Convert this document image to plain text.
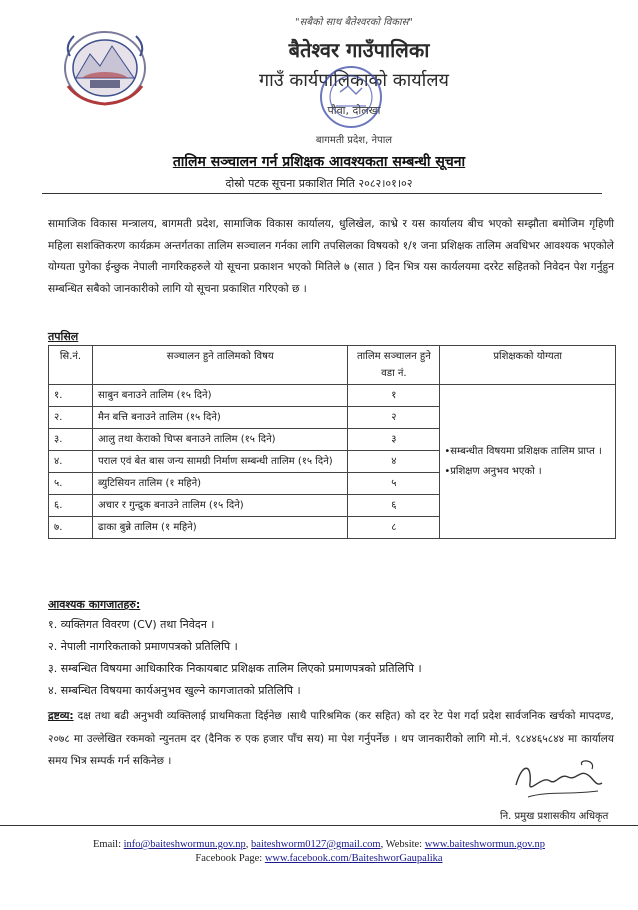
"सबैको साथ बैतेश्वरको विकास"
बैतेश्वर गाउँपालिका
गाउँ कार्यपालिकाको कार्यालय
पौवा, दोलखा
बागमती प्रदेश, नेपाल
तालिम सञ्चालन गर्न प्रशिक्षक आवश्यकता सम्बन्धी सूचना
दोस्रो पटक सूचना प्रकाशित मिति २०८२।०१।०२
सामाजिक विकास मन्त्रालय, बागमती प्रदेश, सामाजिक विकास कार्यालय, धुलिखेल, काभ्रे र यस कार्यालय बीच भएको सम्झौता बमोजिम गृहिणी महिला सशक्तिकरण कार्यक्रम अन्तर्गतका तालिम सञ्चालन गर्नका लागि तपसिलका विषयको १/१ जना प्रशिक्षक तालिम अवधिभर आवश्यक भएकोले योग्यता पुगेका ईन्छुक नेपाली नागरिकहरुले यो सूचना प्रकाशन भएको मितिले ७ (सात ) दिन भित्र यस कार्यलयमा दररेट सहितको निवेदन पेश गर्नुहुन सम्बन्धित सबैको जानकारीको लागि यो सूचना प्रकाशित गरिएको छ ।
तपसिल
सि.नं.	सञ्चालन हुने तालिमको विषय	तालिम सञ्चालन हुने वडा नं.	प्रशिक्षकको योग्यता
१.	साबुन बनाउने तालिम (१५ दिने)	१	•सम्बन्धीत विषयमा प्रशिक्षक तालिम प्राप्त ।
•प्रशिक्षण अनुभव भएको ।

२.	मैन बत्ति बनाउने तालिम (१५ दिने)	२	
३.	आलु तथा केराको चिप्स बनाउने तालिम (१५ दिने)	३	
४.	पराल एवं बेत बास जन्य सामग्री निर्माण सम्बन्धी तालिम (१५ दिने)	४	
५.	ब्युटिसियन तालिम (१ महिने)	५	
६.	अचार र गुन्द्रुक बनाउने तालिम (१५ दिने)	६	
७.	ढाका बुन्ने तालिम (१ महिने)	८	
आवश्यक कागजातहरु:
१. व्यक्तिगत विवरण (CV) तथा निवेदन ।
२. नेपाली नागरिकताको प्रमाणपत्रको प्रतिलिपि ।
३. सम्बन्धित विषयमा आधिकारिक निकायबाट प्रशिक्षक तालिम लिएको प्रमाणपत्रको प्रतिलिपि ।
४. सम्बन्धित विषयमा कार्यअनुभव खुल्ने कागजातको प्रतिलिपि ।
द्रष्टव्य: दक्ष तथा बढी अनुभवी व्यक्तिलाई प्राथमिकता दिईनेछ ।साथै पारिश्रमिक (कर सहित) को दर रेट पेश गर्दा प्रदेश सार्वजनिक खर्चको मापदण्ड, २०७८ मा उल्लेखित रकमको न्युनतम दर (दैनिक रु एक हजार पाँच सय) मा पेश गर्नुपर्नेछ । थप जानकारीको लागि मो.नं. ९८४४६५८४४ मा कार्यालय समय भित्र सम्पर्क गर्न सकिनेछ ।
नि. प्रमुख प्रशासकीय अधिकृत
Email: info@baiteshwormun.gov.np, baiteshworm0127@gmail.com, Website: www.baiteshwormun.gov.np
Facebook Page: www.facebook.com/BaiteshworGaupalika
